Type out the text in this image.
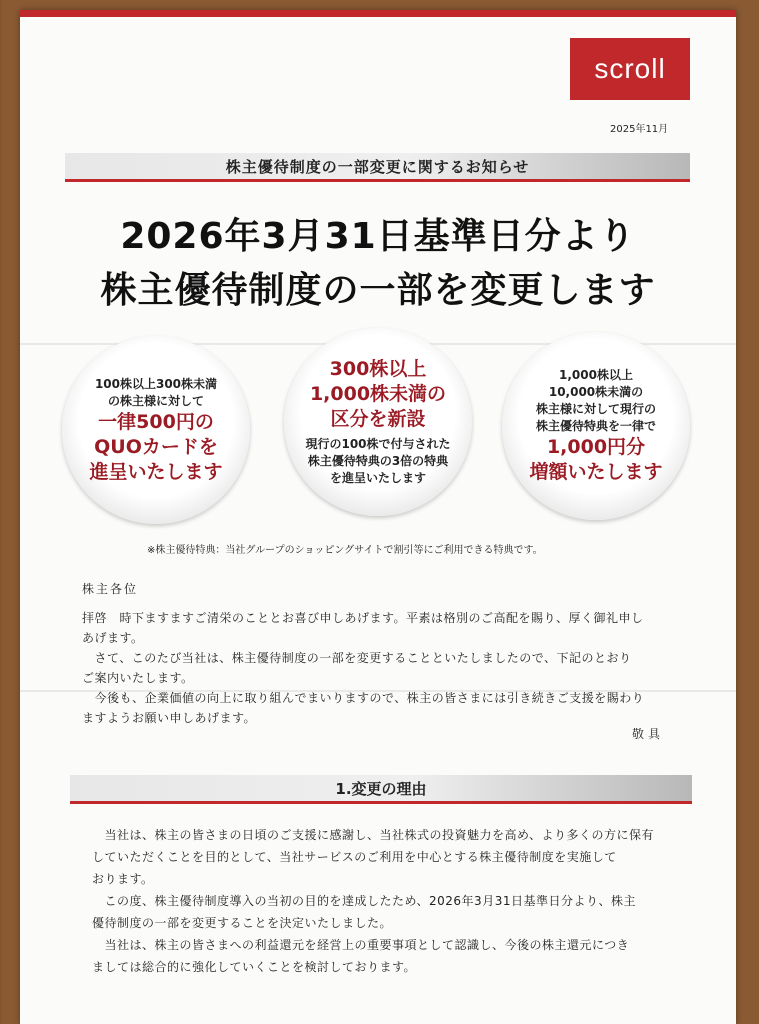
scroll
2025年11月
株主優待制度の一部変更に関するお知らせ
2026年3月31日基準日分より
株主優待制度の一部を変更します
100株以上300株未満
の株主様に対して
一律500円の
QUOカードを
進呈いたします
300株以上
1,000株未満の
区分を新設
現行の100株で付与された
株主優待特典の3倍の特典
を進呈いたします
1,000株以上
10,000株未満の
株主様に対して現行の
株主優待特典を一律で
1,000円分
増額いたします
※株主優待特典：当社グループのショッピングサイトで割引等にご利用できる特典です。
株主各位
拝啓　時下ますますご清栄のこととお喜び申しあげます。平素は格別のご高配を賜り、厚く御礼申し
あげます。
　さて、このたび当社は、株主優待制度の一部を変更することといたしましたので、下記のとおり
ご案内いたします。
　今後も、企業価値の向上に取り組んでまいりますので、株主の皆さまには引き続きご支援を賜わり
ますようお願い申しあげます。
敬具
1.変更の理由
　当社は、株主の皆さまの日頃のご支援に感謝し、当社株式の投資魅力を高め、より多くの方に保有
していただくことを目的として、当社サービスのご利用を中心とする株主優待制度を実施して
おります。
　この度、株主優待制度導入の当初の目的を達成したため、2026年3月31日基準日分より、株主
優待制度の一部を変更することを決定いたしました。
　当社は、株主の皆さまへの利益還元を経営上の重要事項として認識し、今後の株主還元につき
ましては総合的に強化していくことを検討しております。
